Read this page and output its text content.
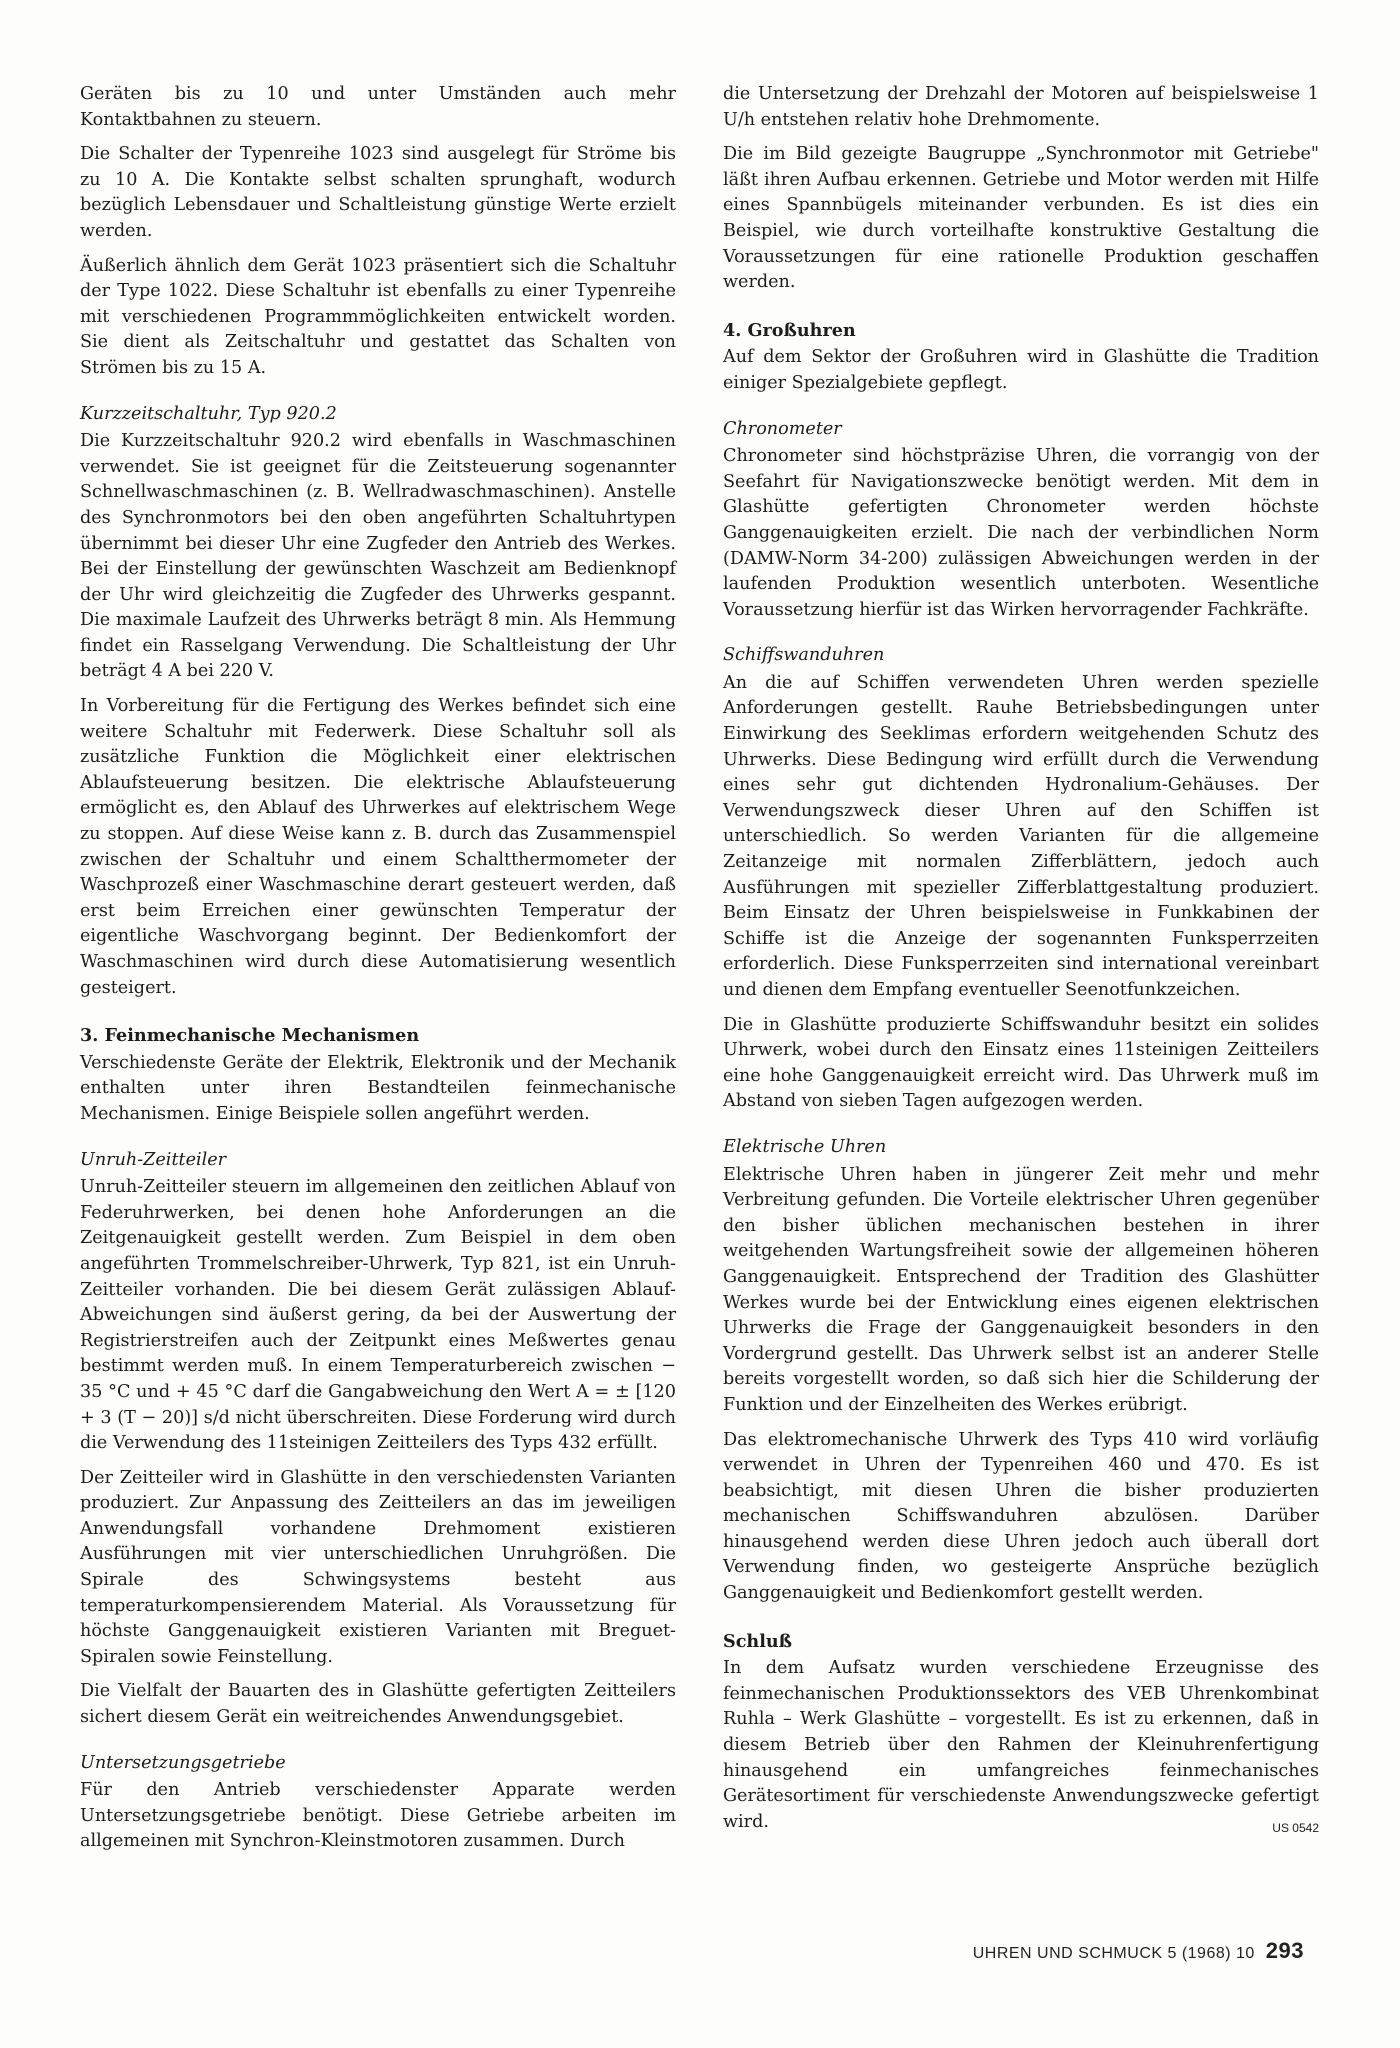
Geräten bis zu 10 und unter Umständen auch mehr Kontaktbahnen zu steuern.

Die Schalter der Typenreihe 1023 sind ausgelegt für Ströme bis zu 10 A. Die Kontakte selbst schalten sprunghaft, wodurch bezüglich Lebensdauer und Schaltleistung günstige Werte erzielt werden.

Äußerlich ähnlich dem Gerät 1023 präsentiert sich die Schaltuhr der Type 1022. Diese Schaltuhr ist ebenfalls zu einer Typenreihe mit verschiedenen Programmmöglichkeiten entwickelt worden. Sie dient als Zeitschaltuhr und gestattet das Schalten von Strömen bis zu 15 A.

Kurzzeitschaltuhr, Typ 920.2

Die Kurzzeitschaltuhr 920.2 wird ebenfalls in Waschmaschinen verwendet. Sie ist geeignet für die Zeitsteuerung sogenannter Schnellwaschmaschinen (z. B. Wellradwaschmaschinen). Anstelle des Synchronmotors bei den oben angeführten Schaltuhrtypen übernimmt bei dieser Uhr eine Zugfeder den Antrieb des Werkes. Bei der Einstellung der gewünschten Waschzeit am Bedienknopf der Uhr wird gleichzeitig die Zugfeder des Uhrwerks gespannt. Die maximale Laufzeit des Uhrwerks beträgt 8 min. Als Hemmung findet ein Rasselgang Verwendung. Die Schaltleistung der Uhr beträgt 4 A bei 220 V.

In Vorbereitung für die Fertigung des Werkes befindet sich eine weitere Schaltuhr mit Federwerk. Diese Schaltuhr soll als zusätzliche Funktion die Möglichkeit einer elektrischen Ablaufsteuerung besitzen. Die elektrische Ablaufsteuerung ermöglicht es, den Ablauf des Uhrwerkes auf elektrischem Wege zu stoppen. Auf diese Weise kann z. B. durch das Zusammenspiel zwischen der Schaltuhr und einem Schaltthermometer der Waschprozeß einer Waschmaschine derart gesteuert werden, daß erst beim Erreichen einer gewünschten Temperatur der eigentliche Waschvorgang beginnt. Der Bedienkomfort der Waschmaschinen wird durch diese Automatisierung wesentlich gesteigert.

3. Feinmechanische Mechanismen

Verschiedenste Geräte der Elektrik, Elektronik und der Mechanik enthalten unter ihren Bestandteilen feinmechanische Mechanismen. Einige Beispiele sollen angeführt werden.

Unruh-Zeitteiler

Unruh-Zeitteiler steuern im allgemeinen den zeitlichen Ablauf von Federuhrwerken, bei denen hohe Anforderungen an die Zeitgenauigkeit gestellt werden. Zum Beispiel in dem oben angeführten Trommelschreiber-Uhrwerk, Typ 821, ist ein Unruh-Zeitteiler vorhanden. Die bei diesem Gerät zulässigen Ablauf-Abweichungen sind äußerst gering, da bei der Auswertung der Registrierstreifen auch der Zeitpunkt eines Meßwertes genau bestimmt werden muß. In einem Temperaturbereich zwischen − 35 °C und + 45 °C darf die Gangabweichung den Wert A = ± [120 + 3 (T − 20)] s/d nicht überschreiten. Diese Forderung wird durch die Verwendung des 11steinigen Zeitteilers des Typs 432 erfüllt.

Der Zeitteiler wird in Glashütte in den verschiedensten Varianten produziert. Zur Anpassung des Zeitteilers an das im jeweiligen Anwendungsfall vorhandene Drehmoment existieren Ausführungen mit vier unterschiedlichen Unruhgrößen. Die Spirale des Schwingsystems besteht aus temperaturkompensierendem Material. Als Voraussetzung für höchste Ganggenauigkeit existieren Varianten mit Breguet-Spiralen sowie Feinstellung.

Die Vielfalt der Bauarten des in Glashütte gefertigten Zeitteilers sichert diesem Gerät ein weitreichendes Anwendungsgebiet.

Untersetzungsgetriebe

Für den Antrieb verschiedenster Apparate werden Untersetzungsgetriebe benötigt. Diese Getriebe arbeiten im allgemeinen mit Synchron-Kleinstmotoren zusammen. Durch

die Untersetzung der Drehzahl der Motoren auf beispielsweise 1 U/h entstehen relativ hohe Drehmomente.

Die im Bild gezeigte Baugruppe „Synchronmotor mit Getriebe" läßt ihren Aufbau erkennen. Getriebe und Motor werden mit Hilfe eines Spannbügels miteinander verbunden. Es ist dies ein Beispiel, wie durch vorteilhafte konstruktive Gestaltung die Voraussetzungen für eine rationelle Produktion geschaffen werden.

4. Großuhren

Auf dem Sektor der Großuhren wird in Glashütte die Tradition einiger Spezialgebiete gepflegt.

Chronometer

Chronometer sind höchstpräzise Uhren, die vorrangig von der Seefahrt für Navigationszwecke benötigt werden. Mit dem in Glashütte gefertigten Chronometer werden höchste Ganggenauigkeiten erzielt. Die nach der verbindlichen Norm (DAMW-Norm 34-200) zulässigen Abweichungen werden in der laufenden Produktion wesentlich unterboten. Wesentliche Voraussetzung hierfür ist das Wirken hervorragender Fachkräfte.

Schiffswanduhren

An die auf Schiffen verwendeten Uhren werden spezielle Anforderungen gestellt. Rauhe Betriebsbedingungen unter Einwirkung des Seeklimas erfordern weitgehenden Schutz des Uhrwerks. Diese Bedingung wird erfüllt durch die Verwendung eines sehr gut dichtenden Hydronalium-Gehäuses. Der Verwendungszweck dieser Uhren auf den Schiffen ist unterschiedlich. So werden Varianten für die allgemeine Zeitanzeige mit normalen Zifferblättern, jedoch auch Ausführungen mit spezieller Zifferblattgestaltung produziert. Beim Einsatz der Uhren beispielsweise in Funkkabinen der Schiffe ist die Anzeige der sogenannten Funksperrzeiten erforderlich. Diese Funksperrzeiten sind international vereinbart und dienen dem Empfang eventueller Seenotfunkzeichen.

Die in Glashütte produzierte Schiffswanduhr besitzt ein solides Uhrwerk, wobei durch den Einsatz eines 11steinigen Zeitteilers eine hohe Ganggenauigkeit erreicht wird. Das Uhrwerk muß im Abstand von sieben Tagen aufgezogen werden.

Elektrische Uhren

Elektrische Uhren haben in jüngerer Zeit mehr und mehr Verbreitung gefunden. Die Vorteile elektrischer Uhren gegenüber den bisher üblichen mechanischen bestehen in ihrer weitgehenden Wartungsfreiheit sowie der allgemeinen höheren Ganggenauigkeit. Entsprechend der Tradition des Glashütter Werkes wurde bei der Entwicklung eines eigenen elektrischen Uhrwerks die Frage der Ganggenauigkeit besonders in den Vordergrund gestellt. Das Uhrwerk selbst ist an anderer Stelle bereits vorgestellt worden, so daß sich hier die Schilderung der Funktion und der Einzelheiten des Werkes erübrigt.

Das elektromechanische Uhrwerk des Typs 410 wird vorläufig verwendet in Uhren der Typenreihen 460 und 470. Es ist beabsichtigt, mit diesen Uhren die bisher produzierten mechanischen Schiffswanduhren abzulösen. Darüber hinausgehend werden diese Uhren jedoch auch überall dort Verwendung finden, wo gesteigerte Ansprüche bezüglich Ganggenauigkeit und Bedienkomfort gestellt werden.

Schluß

In dem Aufsatz wurden verschiedene Erzeugnisse des feinmechanischen Produktionssektors des VEB Uhrenkombinat Ruhla – Werk Glashütte – vorgestellt. Es ist zu erkennen, daß in diesem Betrieb über den Rahmen der Kleinuhrenfertigung hinausgehend ein umfangreiches feinmechanisches Gerätesortiment für verschiedenste Anwendungszwecke gefertigt wird.	US 0542

UHREN UND SCHMUCK 5 (1968) 10 293
